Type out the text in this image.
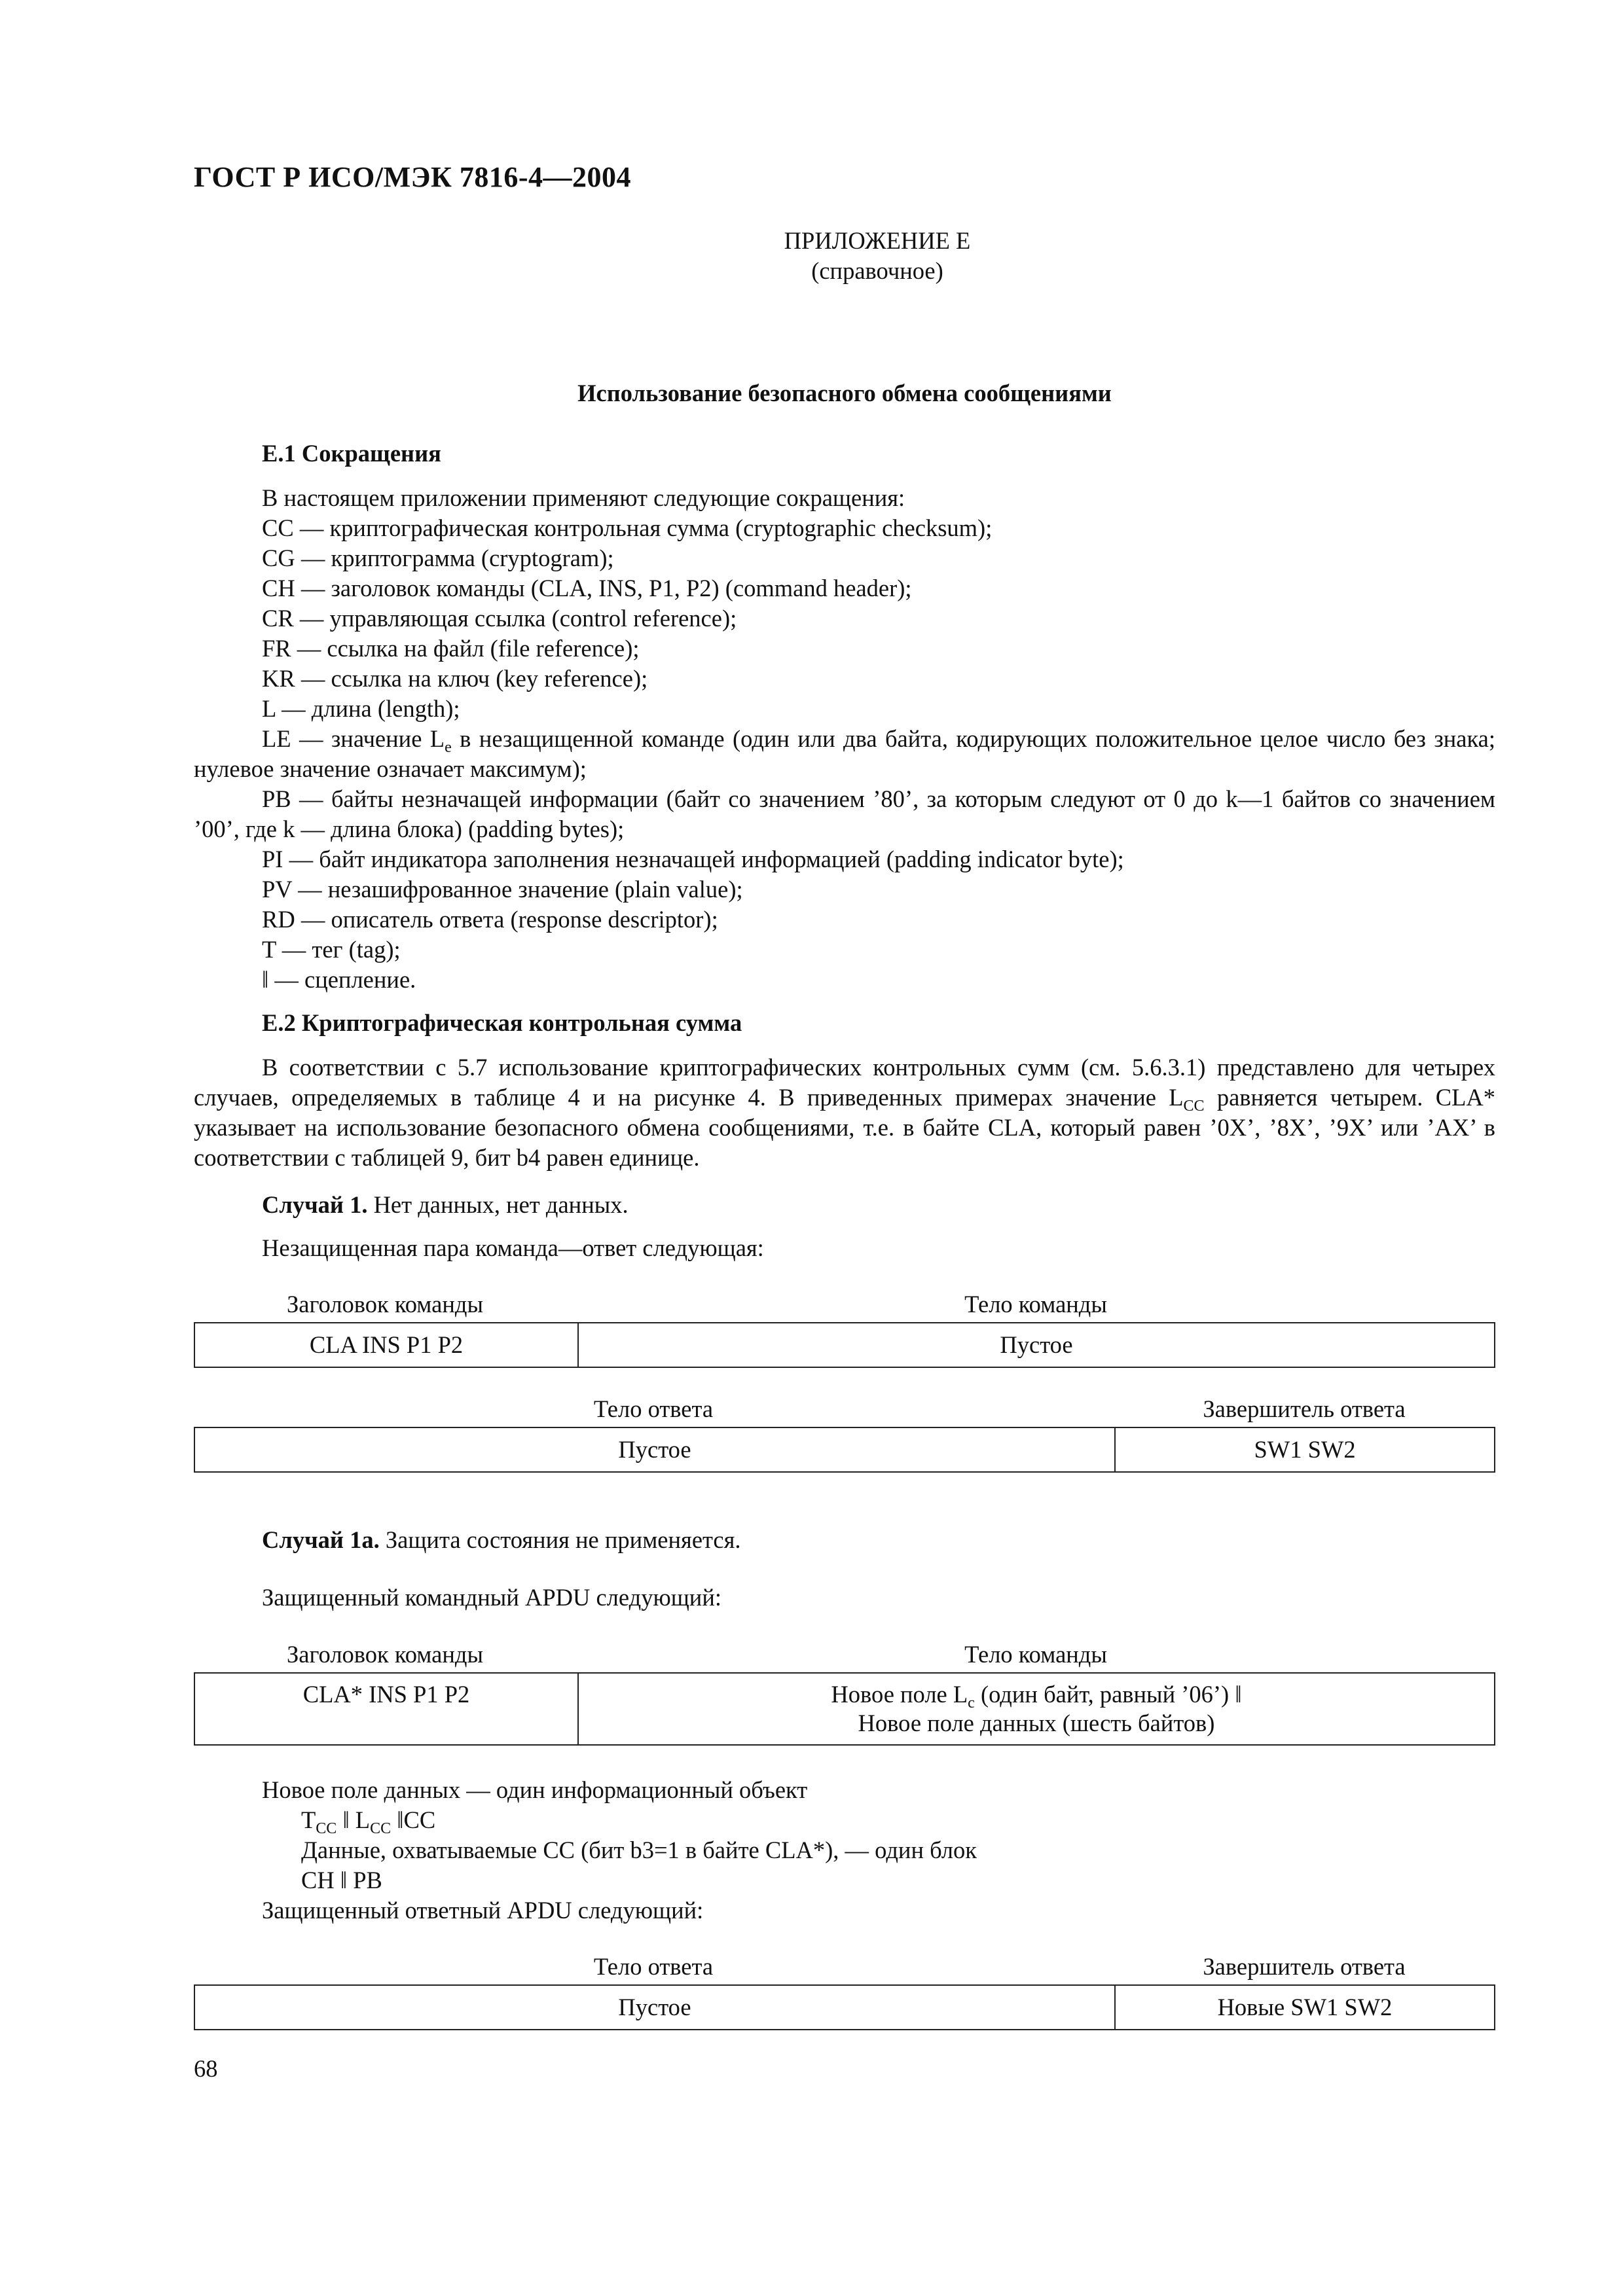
ГОСТ Р ИСО/МЭК 7816-4—2004
ПРИЛОЖЕНИЕ Е
(справочное)
Использование безопасного обмена сообщениями
Е.1 Сокращения
В настоящем приложении применяют следующие сокращения:
CC — криптографическая контрольная сумма (cryptographic checksum);
CG — криптограмма (cryptogram);
CH — заголовок команды (CLA, INS, P1, P2) (command header);
CR — управляющая ссылка (control reference);
FR — ссылка на файл (file reference);
KR — ссылка на ключ (key reference);
L — длина (length);
LE — значение $L_e$ в незащищенной команде (один или два байта, кодирующих положительное целое число без знака; нулевое значение означает максимум);
PB — байты незначащей информации (байт со значением ’80’, за которым следуют от 0 до k—1 байтов со значением ’00’, где k — длина блока) (padding bytes);
PI — байт индикатора заполнения незначащей информацией (padding indicator byte);
PV — незашифрованное значение (plain value);
RD — описатель ответа (response descriptor);
T — тег (tag);
‖ — сцепление.
Е.2 Криптографическая контрольная сумма
В соответствии с 5.7 использование криптографических контрольных сумм (см. 5.6.3.1) представлено для четырех случаев, определяемых в таблице 4 и на рисунке 4. В приведенных примерах значение $L_{CC}$ равняется четырем. CLA* указывает на использование безопасного обмена сообщениями, т.е. в байте CLA, который равен ’0X’, ’8X’, ’9X’ или ’AX’ в соответствии с таблицей 9, бит b4 равен единице.
Случай 1. Нет данных, нет данных.
Незащищенная пара команда—ответ следующая:
Заголовок команды	Тело команды
CLA INS P1 P2	Пустое
Тело ответа	Завершитель ответа
Пустое	SW1 SW2
Случай 1а. Защита состояния не применяется.
Защищенный командный APDU следующий:
Заголовок команды	Тело команды
CLA* INS P1 P2	Новое поле $L_c$ (один байт, равный ’06’) ‖
Новое поле данных (шесть байтов)
Новое поле данных — один информационный объект
$T_{CC}$ ‖ $L_{CC}$ ‖CC
Данные, охватываемые CC (бит b3=1 в байте CLA*), — один блок
CH ‖ PB
Защищенный ответный APDU следующий:
Тело ответа	Завершитель ответа
Пустое	Новые SW1 SW2
68
